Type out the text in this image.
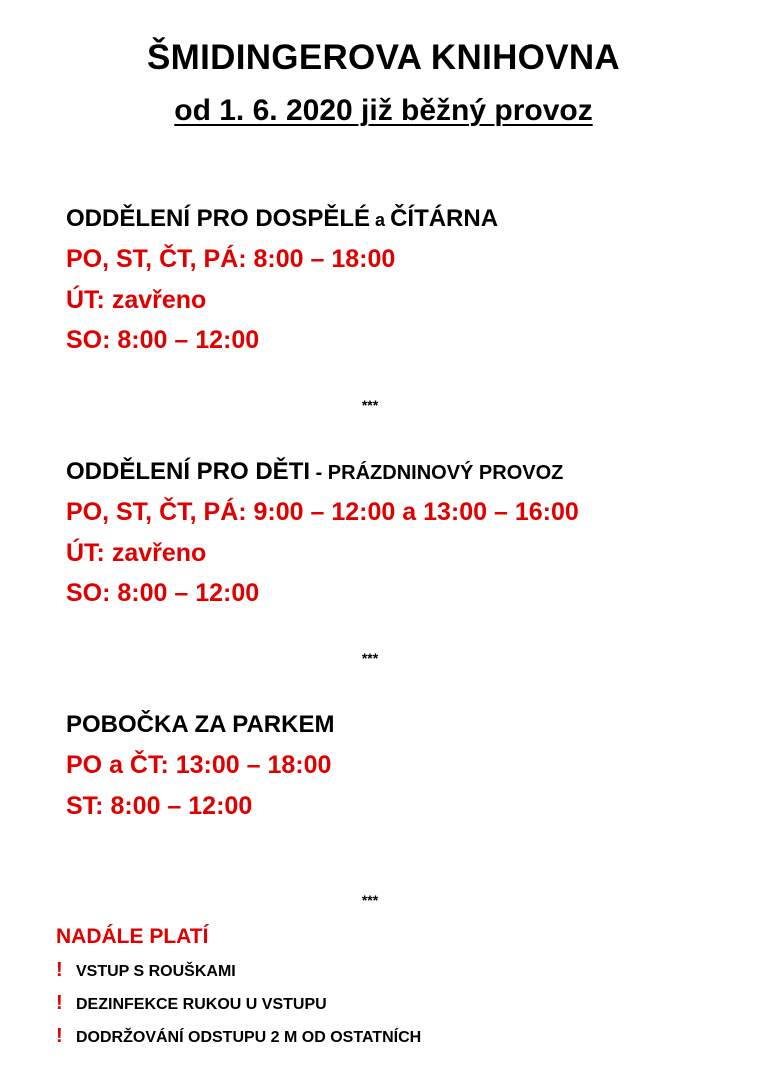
ŠMIDINGEROVA KNIHOVNA
od 1. 6. 2020 již běžný provoz
ODDĚLENÍ PRO DOSPĚLÉ a ČÍTÁRNA
PO, ST, ČT, PÁ: 8:00 – 18:00
ÚT: zavřeno
SO: 8:00 – 12:00
***
ODDĚLENÍ PRO DĚTI - PRÁZDNINOVÝ PROVOZ
PO, ST, ČT, PÁ: 9:00 – 12:00 a 13:00 – 16:00
ÚT: zavřeno
SO: 8:00 – 12:00
***
POBOČKA ZA PARKEM
PO a ČT: 13:00 – 18:00
ST: 8:00 – 12:00
***
NADÁLE PLATÍ
! VSTUP S ROUŠKAMI
! DEZINFEKCE RUKOU U VSTUPU
! DODRŽOVÁNÍ ODSTUPU 2 M OD OSTATNÍCH
